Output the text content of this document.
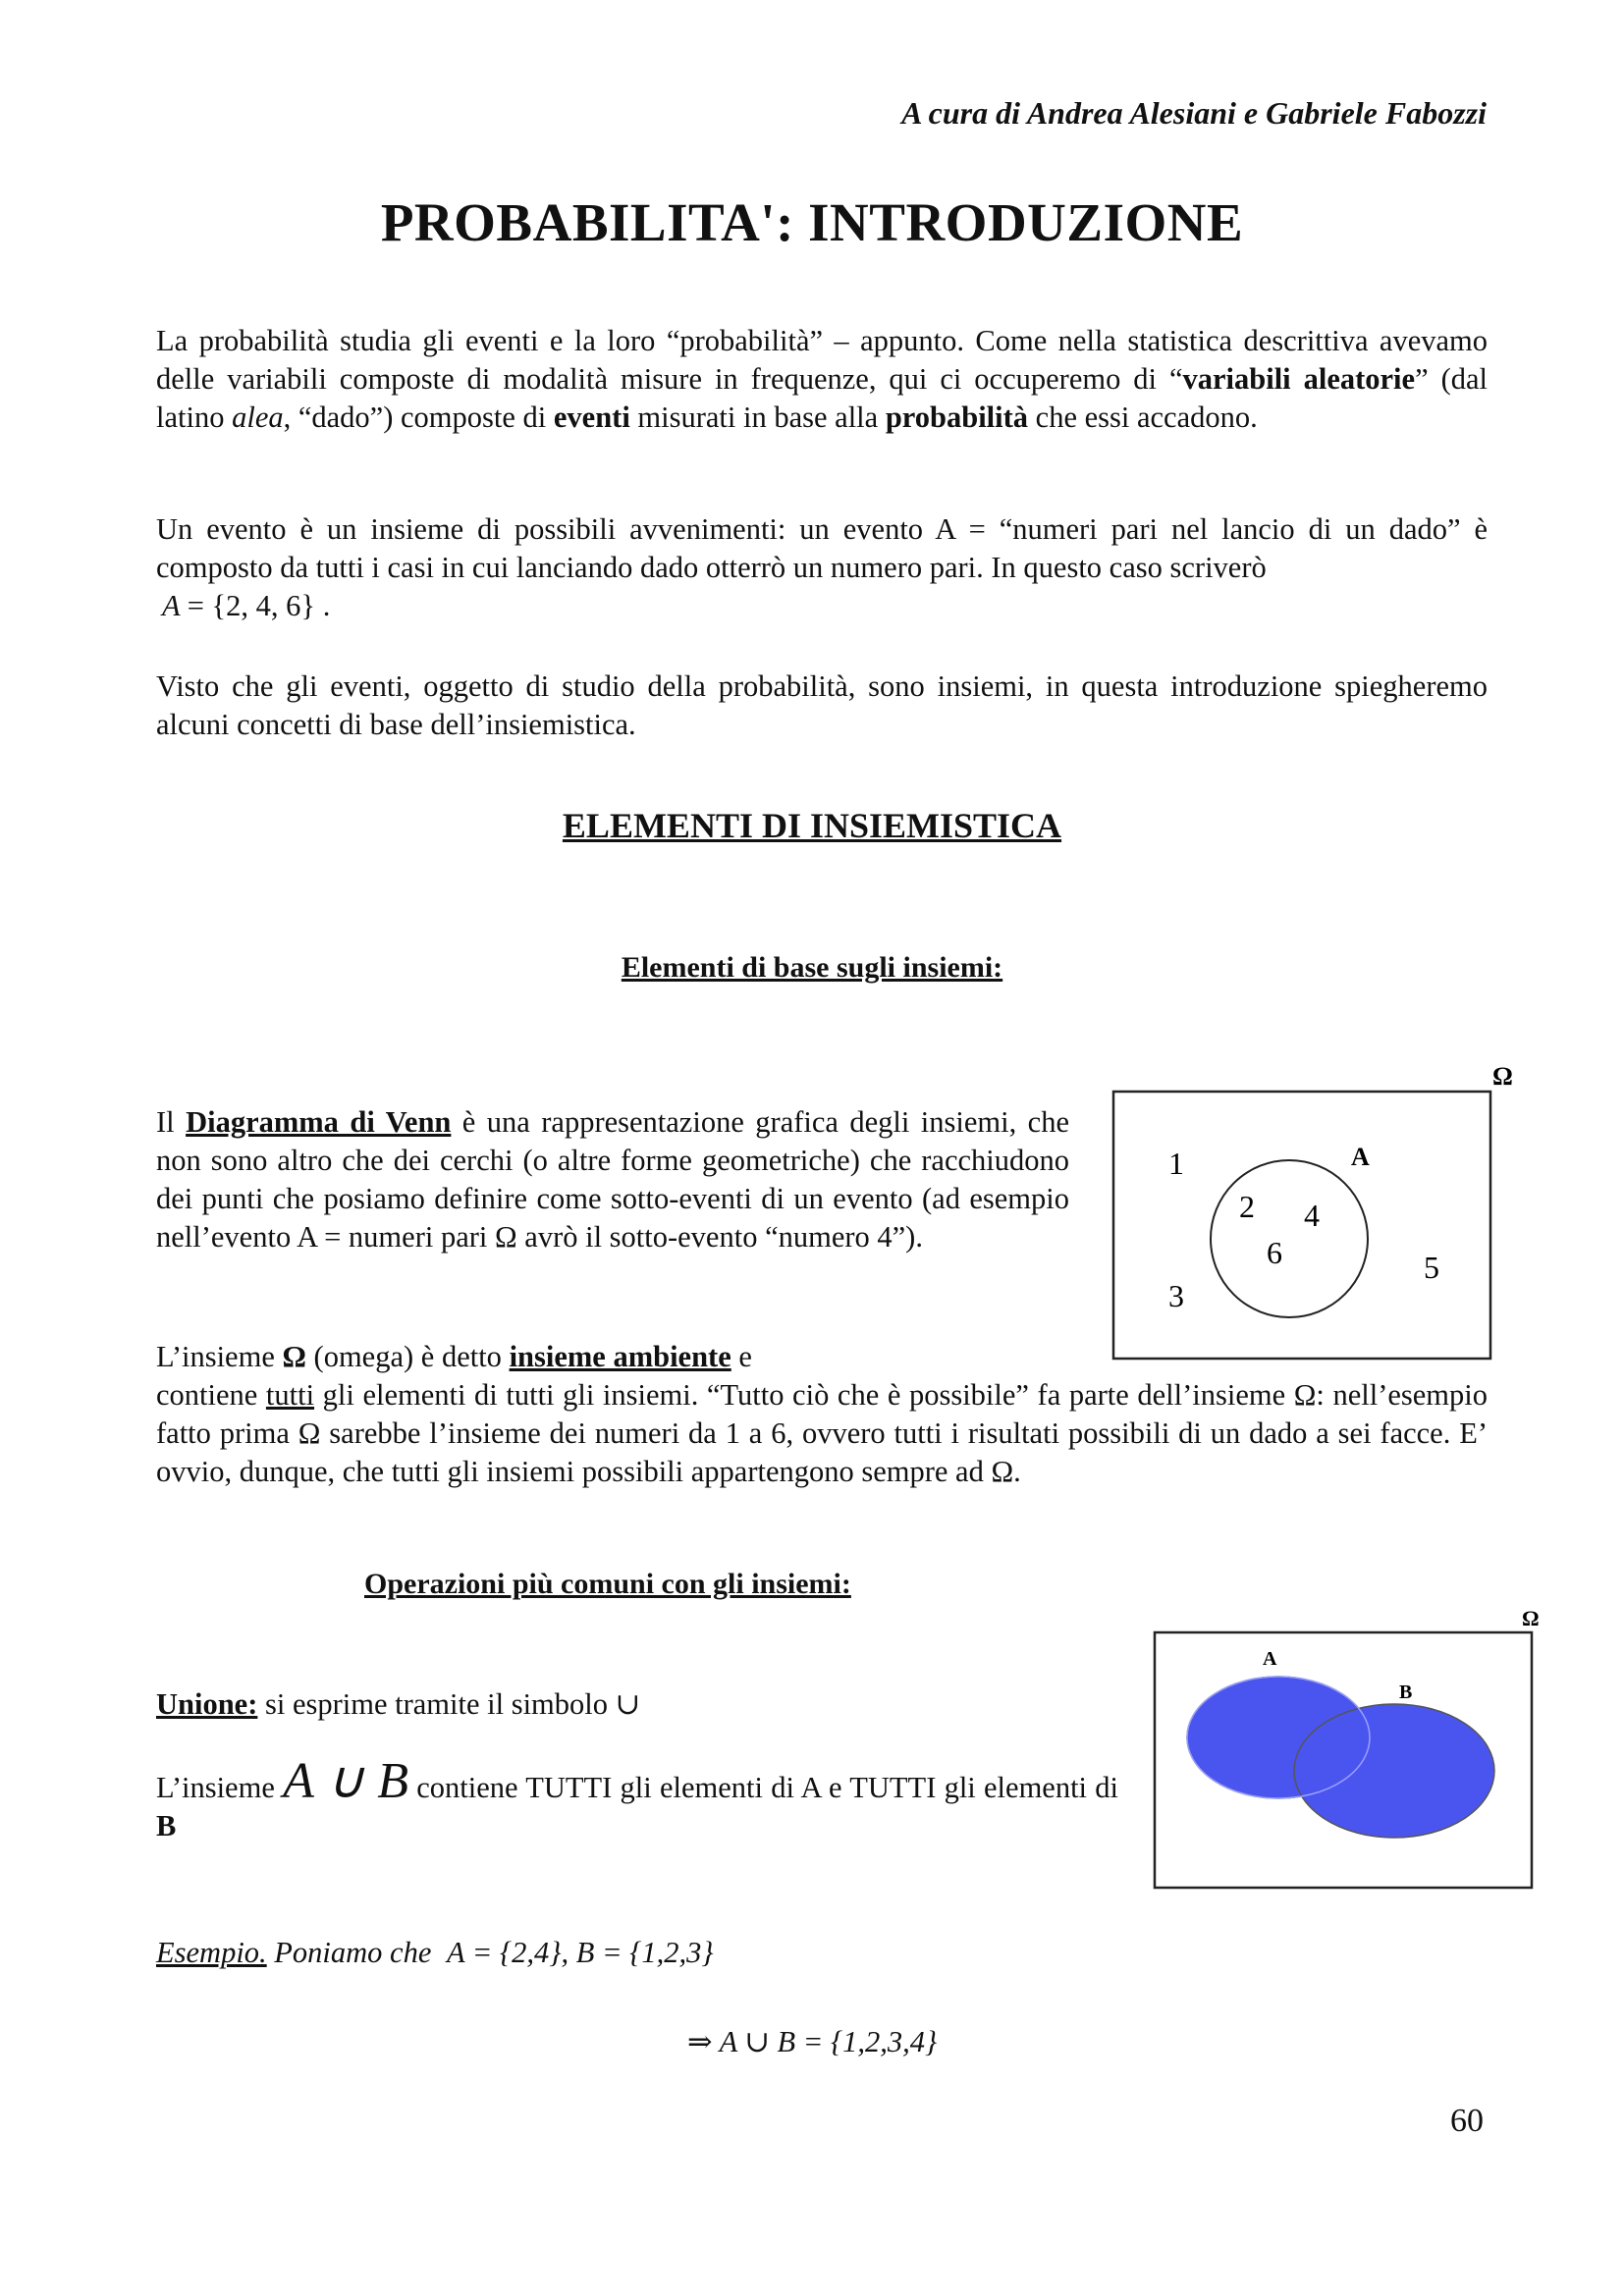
A cura di Andrea Alesiani e Gabriele Fabozzi
PROBABILITA': INTRODUZIONE

La probabilità studia gli eventi e la loro “probabilità” – appunto. Come nella statistica descrittiva avevamo delle variabili composte di modalità misure in frequenze, qui ci occuperemo di “variabili aleatorie” (dal latino alea, “dado”) composte di eventi misurati in base alla probabilità che essi accadono.

Un evento è un insieme di possibili avvenimenti: un evento A = “numeri pari nel lancio di un dado” è composto da tutti i casi in cui lanciando dado otterrò un numero pari. In questo caso scriverò

A = {2, 4, 6} .

Visto che gli eventi, oggetto di studio della probabilità, sono insiemi, in questa introduzione spiegheremo alcuni concetti di base dell’insiemistica.
ELEMENTI DI INSIEMISTICA
Elementi di base sugli insiemi:

Il Diagramma di Venn è una rappresentazione grafica degli insiemi, che non sono altro che dei cerchi (o altre forme geometriche) che racchiudono dei punti che posiamo definire come sotto-eventi di un evento (ad esempio nell’evento A = numeri pari Ω avrò il sotto-evento “numero 4”).

L’insieme Ω (omega) è detto insieme ambiente e

contiene tutti gli elementi di tutti gli insiemi. “Tutto ciò che è possibile” fa parte dell’insieme Ω: nell’esempio fatto prima Ω sarebbe l’insieme dei numeri da 1 a 6, ovvero tutti i risultati possibili di un dado a sei facce. E’ ovvio, dunque, che tutti gli insiemi possibili appartengono sempre ad Ω.

Ω
A
1
3
5
2 4
6
Operazioni più comuni con gli insiemi:
Unione: si esprime tramite il simbolo ∪
L’insieme A ∪ B contiene TUTTI gli elementi di A e TUTTI gli elementi di B
Ω
A
B
Esempio. Poniamo che A = {2,4}, B = {1,2,3}
⇒ A ∪ B = {1,2,3,4}
60
